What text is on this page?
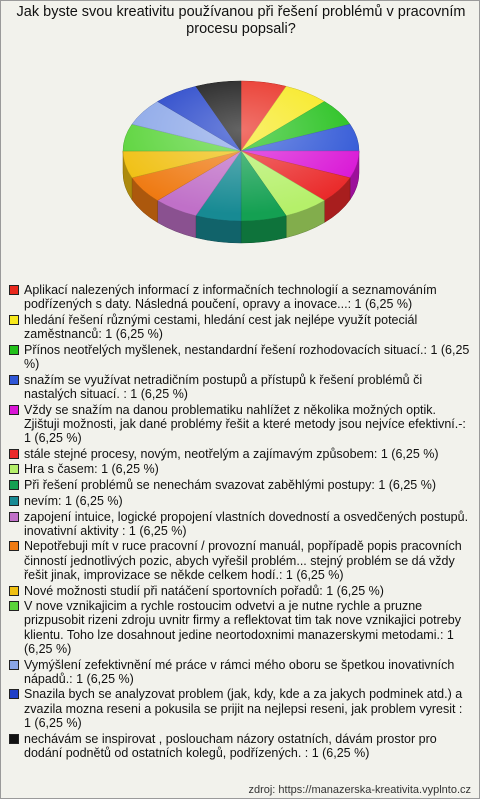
Jak byste svou kreativitu používanou při řešení problémů v pracovním
procesu popsali?
Aplikací nalezených informací z informačních technologií a seznamováním podřízených s daty. Následná poučení, opravy a inovace...: 1 (6,25 %)
hledání řešení různými cestami, hledání cest jak nejlépe využít poteciál zaměstnanců: 1 (6,25 %)
Přínos neotřelých myšlenek, nestandardní řešení rozhodovacích situací.: 1 (6,25 %)
snažím se využívat netradičním postupů a přístupů k řešení problémů či nastalých situací. : 1 (6,25 %)
Vždy se snažím na danou problematiku nahlížet z několika možných optik. Zjištuji možnosti, jak dané problémy řešit a které metody jsou nejvíce efektivní.-: 1 (6,25 %)
stále stejné procesy, novým, neotřelým a zajímavým způsobem: 1 (6,25 %)
Hra s časem: 1 (6,25 %)
Při řešení problémů se nenechám svazovat zaběhlými postupy: 1 (6,25 %)
nevím: 1 (6,25 %)
zapojení intuice, logické propojení vlastních dovedností a osvedčených postupů. inovativní aktivity : 1 (6,25 %)
Nepotřebuji mít v ruce pracovní / provozní manuál, popřípadě popis pracovních činností jednotlivých pozic, abych vyřešil problém... stejný problém se dá vždy řešit jinak, improvizace se někde celkem hodí.: 1 (6,25 %)
Nové možnosti studií při natáčení sportovních pořadů: 1 (6,25 %)
V nove vznikajicim a rychle rostoucim odvetvi a je nutne rychle a pruzne prizpusobit rizeni zdroju uvnitr firmy a reflektovat tim tak nove vznikajici potreby klientu. Toho lze dosahnout jedine neortodoxnimi manazerskymi metodami.: 1 (6,25 %)
Vymýšlení zefektivnění mé práce v rámci mého oboru se špetkou inovativních nápadů.: 1 (6,25 %)
Snazila bych se analyzovat problem (jak, kdy, kde a za jakych podminek atd.) a zvazila mozna reseni a pokusila se prijit na nejlepsi reseni, jak problem vyresit : 1 (6,25 %)
nechávám se inspirovat , posloucham názory ostatních, dávám prostor pro dodání podnětů od ostatních kolegů, podřízených. : 1 (6,25 %)
zdroj: https://manazerska-kreativita.vyplnto.cz
